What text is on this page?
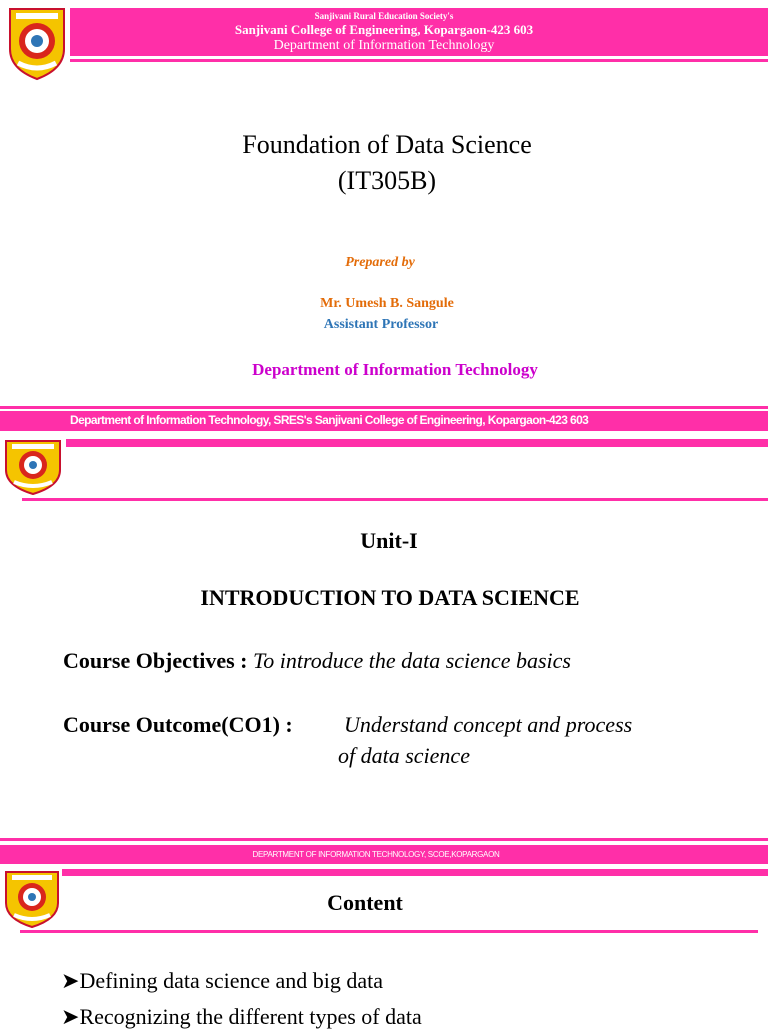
Sanjivani Rural Education Society's
Sanjivani College of Engineering, Kopargaon-423 603
Department of Information Technology
Foundation of Data Science
(IT305B)
Prepared by
Mr. Umesh B. Sangule
Assistant Professor
Department of Information Technology
Department of Information Technology, SRES's Sanjivani College of Engineering, Kopargaon-423 603
Unit-I
INTRODUCTION TO DATA SCIENCE
Course Objectives : To introduce the data science basics
Course Outcome(CO1) : Understand concept and process
of data science
DEPARTMENT OF INFORMATION TECHNOLOGY, SCOE,KOPARGAON
Content
➤Defining data science and big data
➤Recognizing the different types of data
